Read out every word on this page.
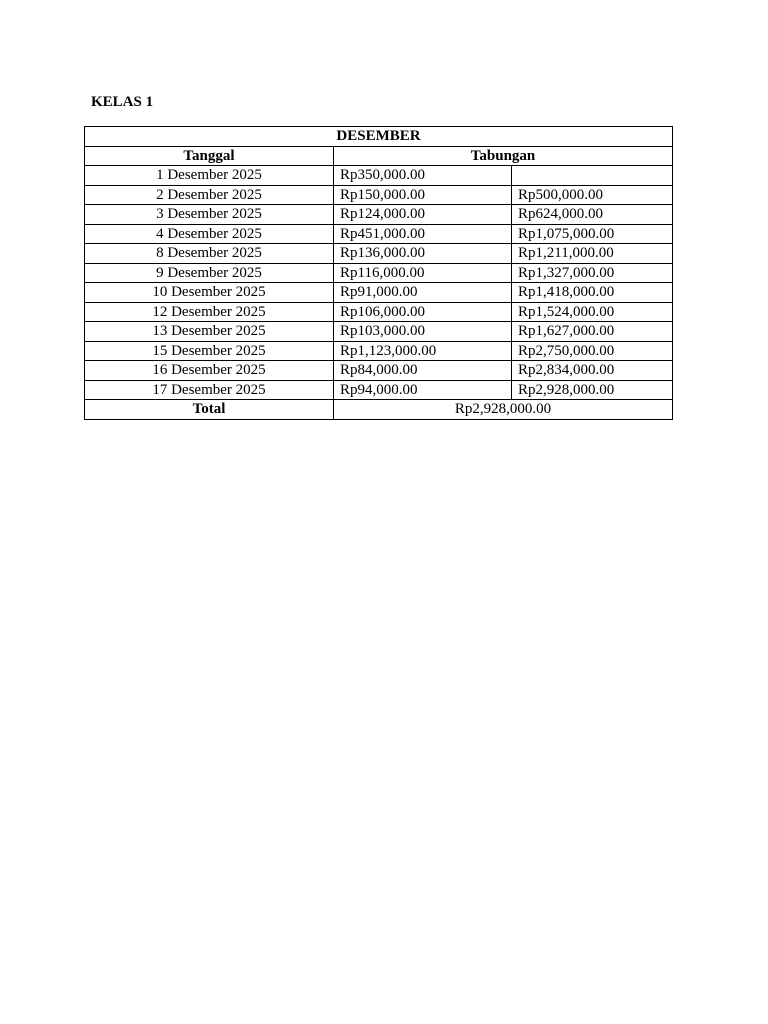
KELAS 1
DESEMBER		
Tanggal	Tabungan	
1 Desember 2025	Rp350,000.00	
2 Desember 2025	Rp150,000.00	Rp500,000.00
3 Desember 2025	Rp124,000.00	Rp624,000.00
4 Desember 2025	Rp451,000.00	Rp1,075,000.00
8 Desember 2025	Rp136,000.00	Rp1,211,000.00
9 Desember 2025	Rp116,000.00	Rp1,327,000.00
10 Desember 2025	Rp91,000.00	Rp1,418,000.00
12 Desember 2025	Rp106,000.00	Rp1,524,000.00
13 Desember 2025	Rp103,000.00	Rp1,627,000.00
15 Desember 2025	Rp1,123,000.00	Rp2,750,000.00
16 Desember 2025	Rp84,000.00	Rp2,834,000.00
17 Desember 2025	Rp94,000.00	Rp2,928,000.00
Total	Rp2,928,000.00	
